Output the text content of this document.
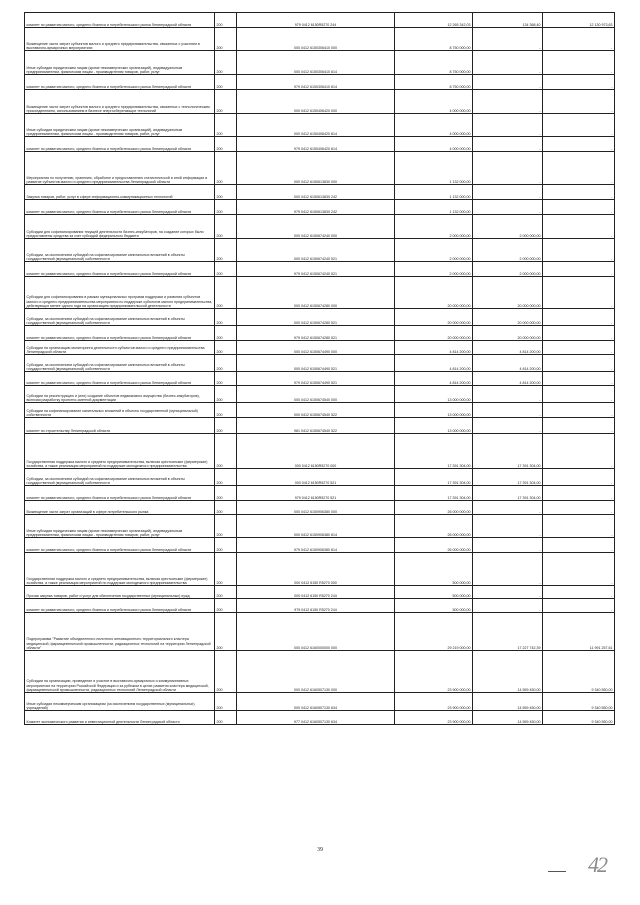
комитет по развитию малого, среднего бизнеса и потребительского рынка Ленинградской области	200	979 0412 6150R5270 244	12 265 342,03	134 368,40	12 130 973,63
Возмещение части затрат субъектов малого и среднего предпринимательства, связанных с участием в выставочно-ярмарочных мероприятиях	200	000 0412 6150306410 000	8 750 000,00	-	-
Иные субсидии юридическим лицам (кроме некоммерческих организаций), индивидуальным предпринимателям, физическим лицам - производителям товаров, работ, услуг	200	000 0412 6150306410 814	8 750 000,00	-	-
комитет по развитию малого, среднего бизнеса и потребительского рынка Ленинградской области	200	979 0412 6150306410 814	8 750 000,00	-	-
Возмещение части затрат субъектов малого и среднего предпринимательства, связанных с технологическим присоединением, использованием в бизнесе энергосберегающих технологий	200	000 0412 6150406420 000	4 000 000,00	-	-
Иные субсидии юридическим лицам (кроме некоммерческих организаций), индивидуальным предпринимателям, физическим лицам - производителям товаров, работ, услуг	200	000 0412 6150406420 814	4 000 000,00	-	-
комитет по развитию малого, среднего бизнеса и потребительского рынка Ленинградской области	200	979 0412 6150406420 814	4 000 000,00	-	-
Мероприятия по получению, хранению, обработке и предоставлению статистической и иной информации в развитие субъектов малого и среднего предпринимательства Ленинградской области	200	000 0412 6150613830 000	1 132 000,00	-	-
Закупка товаров, работ, услуг в сфере информационно-коммуникационных технологий	200	000 0412 6150613830 242	1 132 000,00	-	-
комитет по развитию малого, среднего бизнеса и потребительского рынка Ленинградской области	200	979 0412 6150613830 242	1 132 000,00	-	-
Субсидии для софинансирования текущей деятельности бизнес-инкубаторов, на создание которых были предоставлены средства за счет субсидий федерального бюджета	200	000 0412 6150674240 000	2 000 000,00	2 000 000,00	-
Субсидии, за исключением субсидий на софинансирование капитальных вложений в объекты государственной (муниципальной) собственности	200	000 0412 6150674240 521	2 000 000,00	2 000 000,00	-
комитет по развитию малого, среднего бизнеса и потребительского рынка Ленинградской области	200	979 0412 6150674240 521	2 000 000,00	2 000 000,00	-
Субсидии для софинансирования в рамках муниципальных программ поддержки и развития субъектов малого и среднего предпринимательства мероприятия по поддержке субъектов малого предпринимательства, действующих менее одного года на организацию предпринимательской деятельности	200	000 0412 6150674280 000	20 000 000,00	20 000 000,00	-
Субсидии, за исключением субсидий на софинансирование капитальных вложений в объекты государственной (муниципальной) собственности	200	000 0412 6150674280 521	20 000 000,00	20 000 000,00	-
комитет по развитию малого, среднего бизнеса и потребительского рынка Ленинградской области	200	979 0412 6150674280 521	20 000 000,00	20 000 000,00	-
Субсидии на организацию мониторинга деятельности субъектов малого и среднего предпринимательства Ленинградской области	200	000 0412 6150674490 000	4 814 200,00	4 814 200,00	-
Субсидии, за исключением субсидий на софинансирование капитальных вложений в объекты государственной (муниципальной) собственности	200	000 0412 6150674490 521	4 814 200,00	4 814 200,00	-
комитет по развитию малого, среднего бизнеса и потребительского рынка Ленинградской области	200	979 0412 6150674490 521	4 814 200,00	4 814 200,00	-
Субсидии на реконструкцию и (или) создание объектов недвижимого имущества (бизнес-инкубаторов), включая разработку проектно-сметной документации	200	000 0412 6150674540 000	13 000 000,00	-	-
Субсидии на софинансирование капитальных вложений в объекты государственной (муниципальной) собственности	200	000 0412 6150674540 522	13 000 000,00	-	-
комитет по строительству Ленинградской области	200	981 0412 6150674540 522	13 000 000,00	-	-
Государственная поддержка малого и среднего предпринимательства, включая крестьянские (фермерские) хозяйства, а также реализация мероприятий по поддержке молодежного предпринимательства	200	000 0412 6150R5270 000	17 391 304,00	17 391 304,00	-
Субсидии, за исключением субсидий на софинансирование капитальных вложений в объекты государственной (муниципальной) собственности	200	000 0412 6150R5270 521	17 391 304,00	17 391 304,00	-
комитет по развитию малого, среднего бизнеса и потребительского рынка Ленинградской области	200	979 0412 6150R5270 521	17 391 304,00	17 391 304,00	-
Возмещение части затрат организаций в сфере потребительского рынка	200	000 0412 6150906380 000	26 000 000,00	-	-
Иные субсидии юридическим лицам (кроме некоммерческих организаций), индивидуальным предпринимателям, физическим лицам - производителям товаров, работ, услуг	200	000 0412 6150906380 814	26 000 000,00	-	-
комитет по развитию малого, среднего бизнеса и потребительского рынка Ленинградской области	200	979 0412 6150906380 814	26 000 000,00	-	-
Государственная поддержка малого и среднего предпринимательства, включая крестьянские (фермерские) хозяйства, а также реализация мероприятий по поддержке молодежного предпринимательства	200	000 0412 6150 R5270 000	500 000,00	-	-
Прочая закупка товаров, работ и услуг для обеспечения государственных (муниципальных) нужд	200	000 0412 6150 R5270 244	500 000,00	-	-
комитет по развитию малого, среднего бизнеса и потребительского рынка Ленинградской области	200	979 0412 6150 R5270 244	500 000,00	-	-
Подпрограмма "Развитие объединенного пилотного инновационного территориального кластера медицинской, фармацевтической промышленности, радиационных технологий на территории Ленинградской области"	200	000 0412 6160000000 000	29 219 000,00	17 227 742,39	11 991 257,61
Субсидии на организацию, проведение и участие в выставочно-ярмарочных и коммуникативных мероприятиях на территории Российской Федерации и за рубежом в целях развития кластера медицинской, фармацевтической промышленности, радиационных технологий Ленинградской области	200	000 0412 6160507130 000	23 900 000,00	14 559 450,00	9 340 550,00
Иные субсидии некоммерческим организациям (за исключением государственных (муниципальных) учреждений)	200	000 0412 6160507130 634	23 900 000,00	14 559 450,00	9 340 550,00
Комитет экономического развития и инвестиционной деятельности Ленинградской области	200	977 0412 6160507130 634	23 900 000,00	14 559 450,00	9 340 550,00
39
42
